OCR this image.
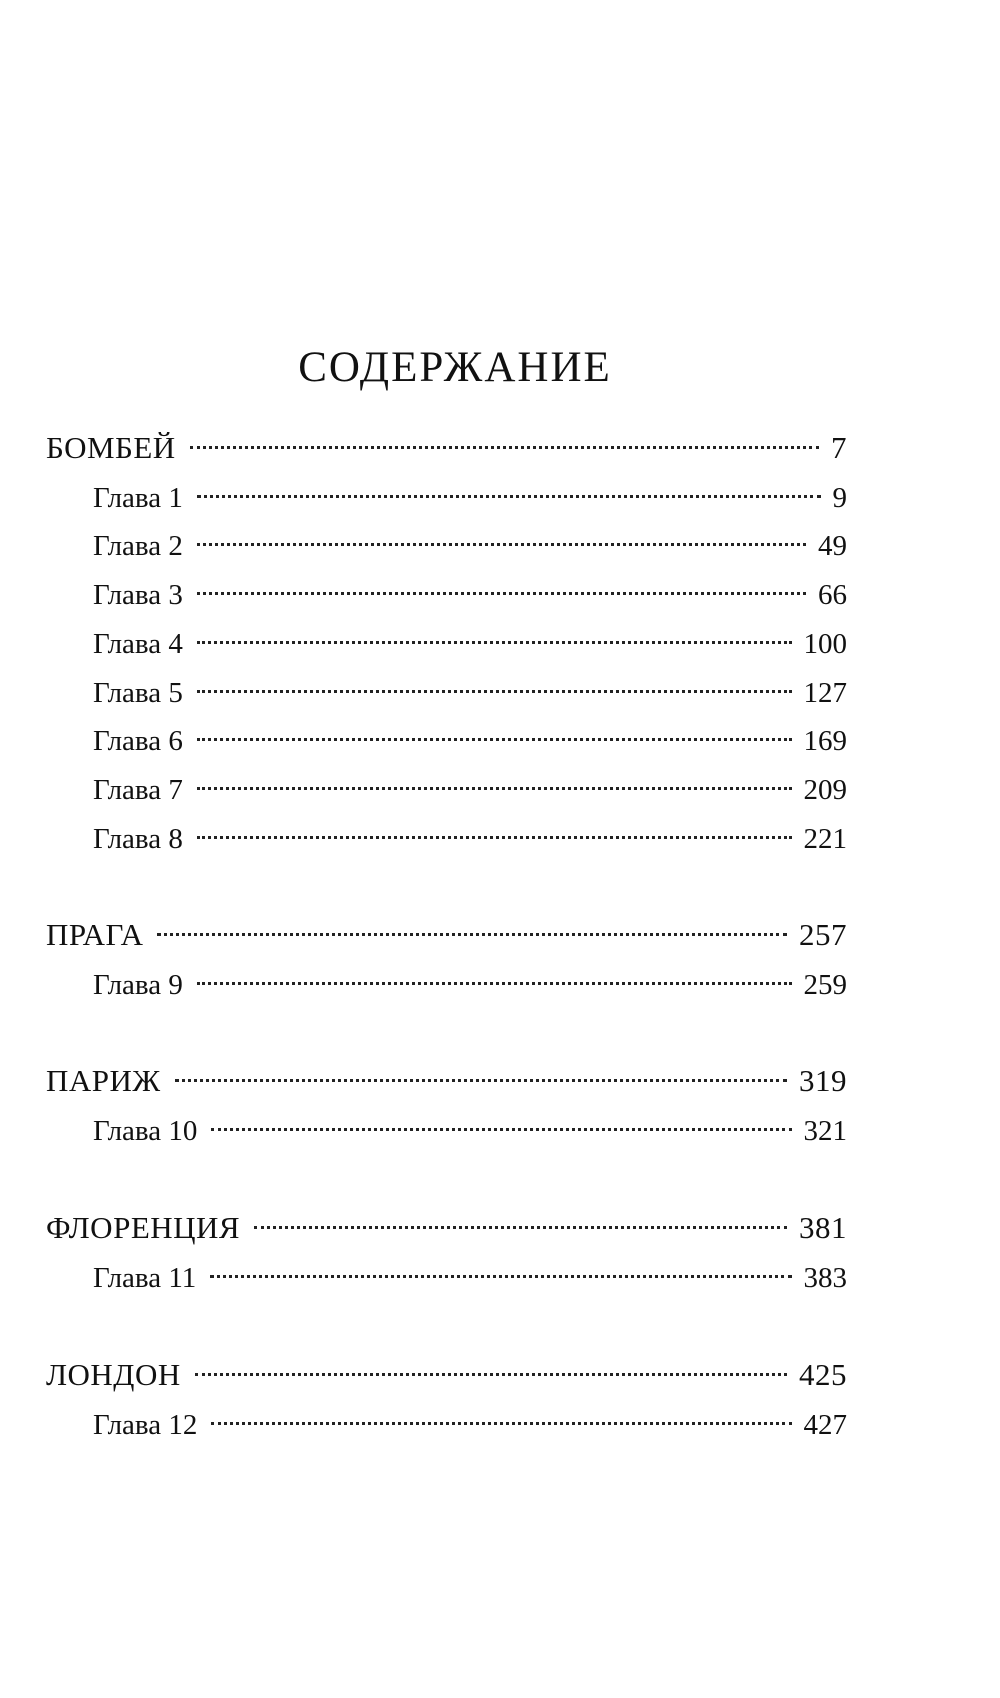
СОДЕРЖАНИЕ
БОМБЕЙ	7
Глава 1	9
Глава 2	49
Глава 3	66
Глава 4	100
Глава 5	127
Глава 6	169
Глава 7	209
Глава 8	221
ПРАГА	257
Глава 9	259
ПАРИЖ	319
Глава 10	321
ФЛОРЕНЦИЯ	381
Глава 11	383
ЛОНДОН	425
Глава 12	427
